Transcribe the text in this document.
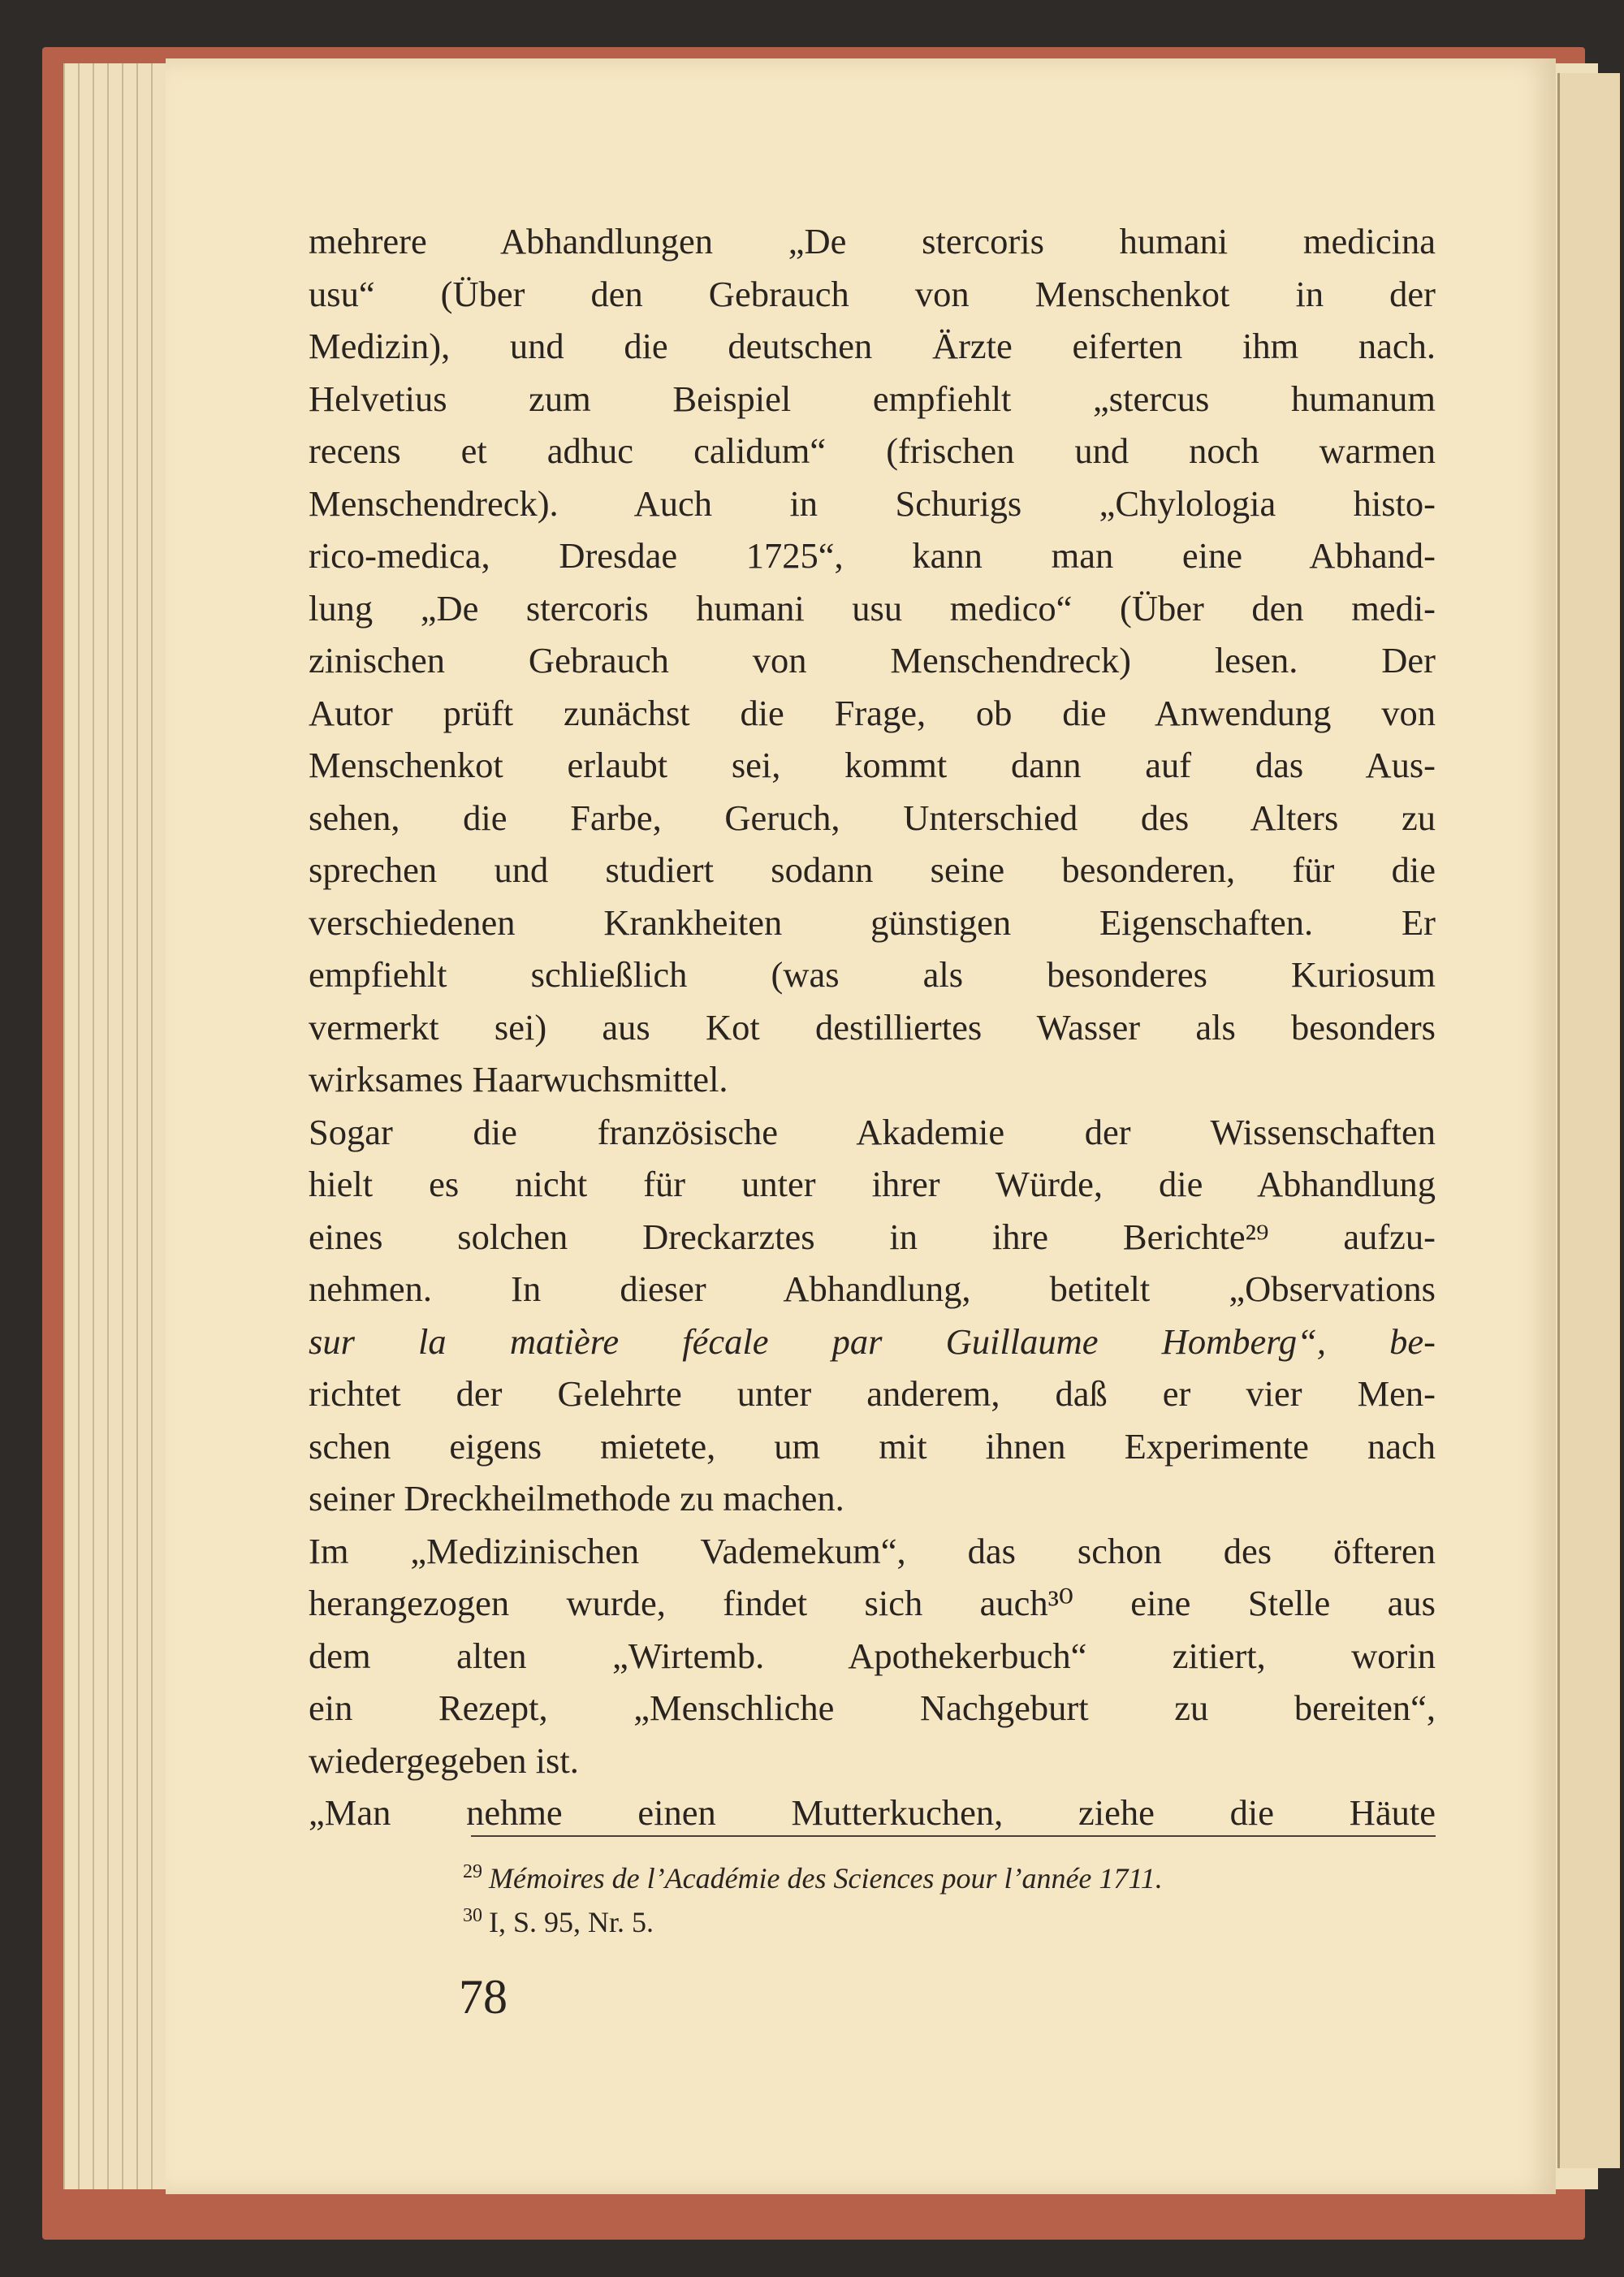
mehrere Abhandlungen „De stercoris humani medicina
usu“ (Über den Gebrauch von Menschenkot in der
Medizin), und die deutschen Ärzte eiferten ihm nach.
Helvetius zum Beispiel empfiehlt „stercus humanum
recens et adhuc calidum“ (frischen und noch warmen
Menschendreck). Auch in Schurigs „Chylologia histo-
rico-medica, Dresdae 1725“, kann man eine Abhand-
lung „De stercoris humani usu medico“ (Über den medi-
zinischen Gebrauch von Menschendreck) lesen. Der
Autor prüft zunächst die Frage, ob die Anwendung von
Menschenkot erlaubt sei, kommt dann auf das Aus-
sehen, die Farbe, Geruch, Unterschied des Alters zu
sprechen und studiert sodann seine besonderen, für die
verschiedenen Krankheiten günstigen Eigenschaften. Er
empfiehlt schließlich (was als besonderes Kuriosum
vermerkt sei) aus Kot destilliertes Wasser als besonders
wirksames Haarwuchsmittel.
Sogar die französische Akademie der Wissenschaften
hielt es nicht für unter ihrer Würde, die Abhandlung
eines solchen Dreckarztes in ihre Berichte²⁹ aufzu-
nehmen. In dieser Abhandlung, betitelt „Observations
sur la matière fécale par Guillaume Homberg“, be-
richtet der Gelehrte unter anderem, daß er vier Men-
schen eigens mietete, um mit ihnen Experimente nach
seiner Dreckheilmethode zu machen.
Im „Medizinischen Vademekum“, das schon des öfteren
herangezogen wurde, findet sich auch³⁰ eine Stelle aus
dem alten „Wirtemb. Apothekerbuch“ zitiert, worin
ein Rezept, „Menschliche Nachgeburt zu bereiten“,
wiedergegeben ist.
„Man nehme einen Mutterkuchen, ziehe die Häute
$^{29}$ Mémoires de l’Académie des Sciences pour l’année 1711.
$^{30}$ I, S. 95, Nr. 5.
78
